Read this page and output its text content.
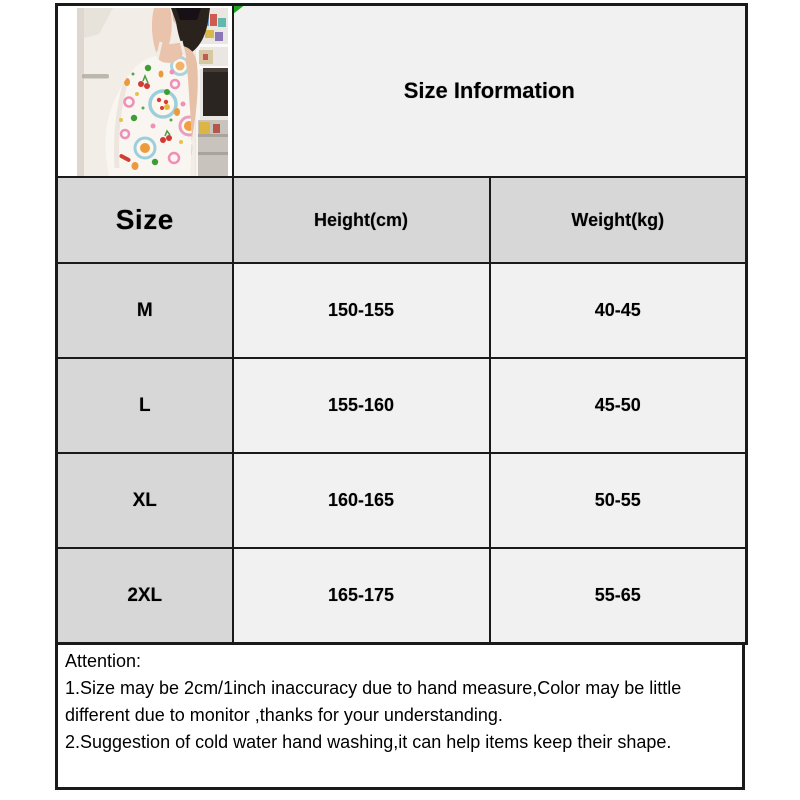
Size Information	
Size	Height(cm)	Weight(kg)
M	150-155	40-45
L	155-160	45-50
XL	160-165	50-55
2XL	165-175	55-65
Attention:
1.Size may be 2cm/1inch inaccuracy due to hand measure,Color may be little
different due to monitor ,thanks for your understanding.
2.Suggestion of cold water hand washing,it can help items keep their shape.
